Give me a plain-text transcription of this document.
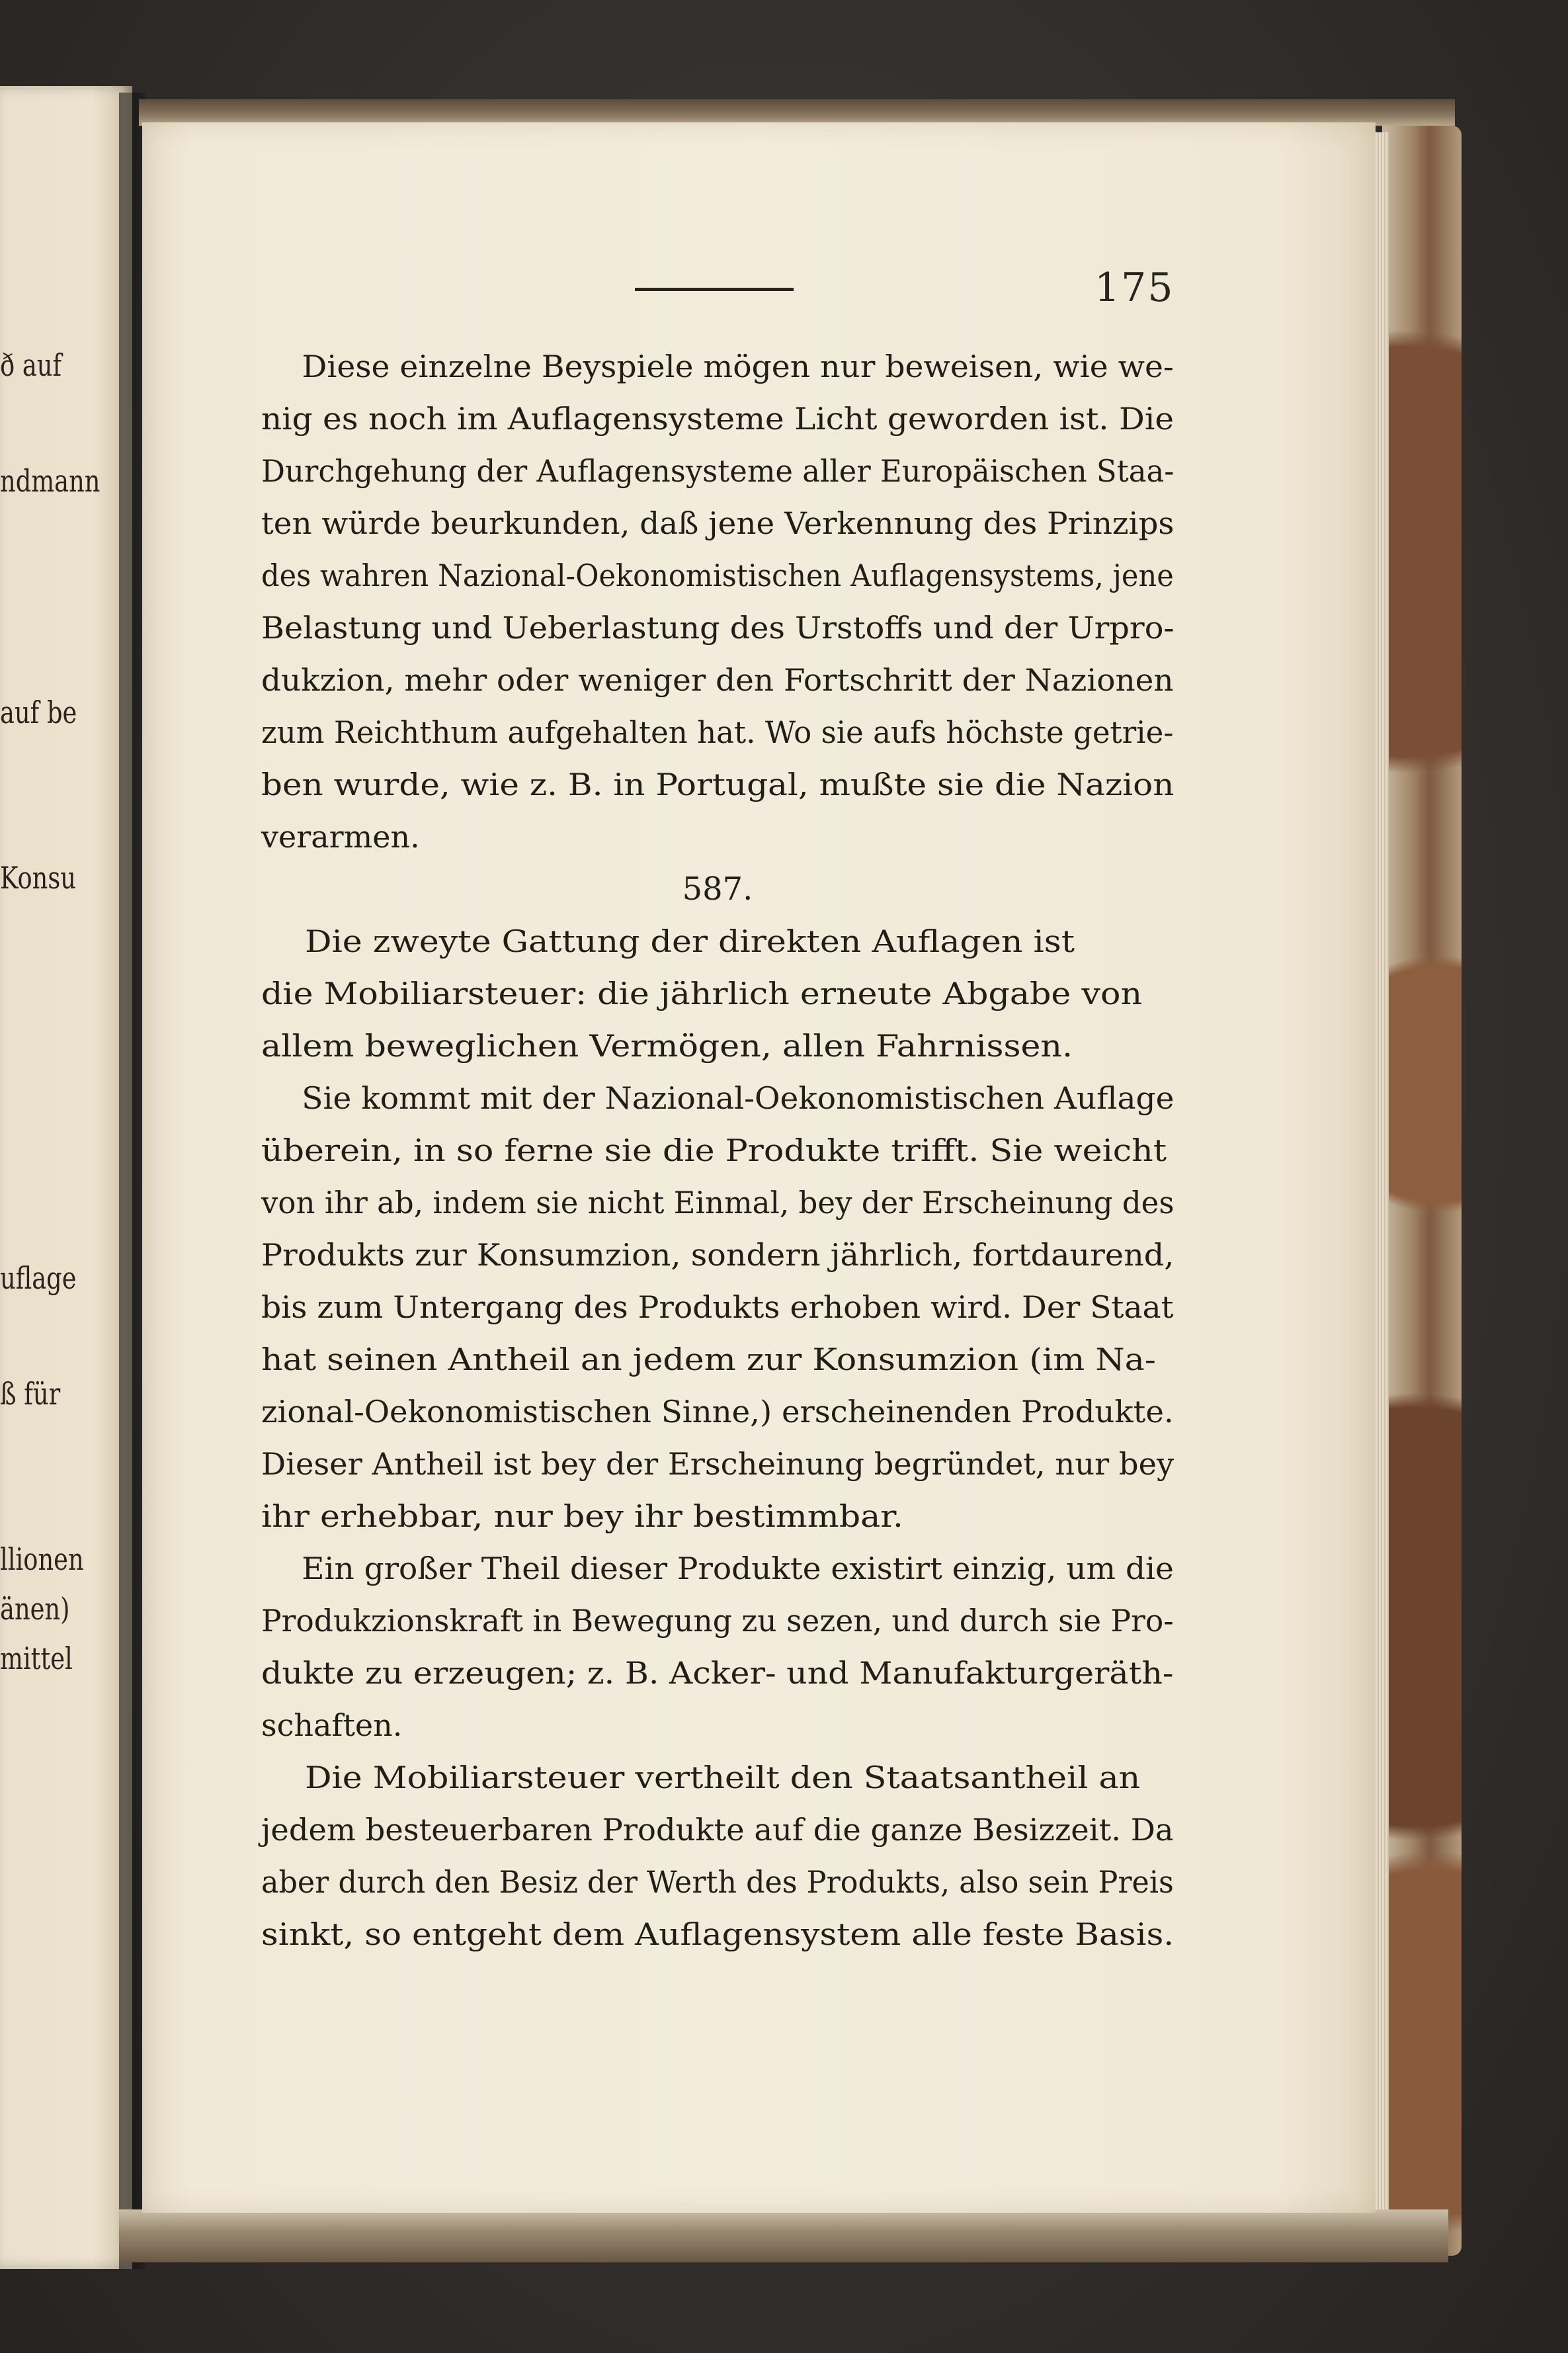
ð auf
ndmann
auf be
Konsu
uflage
ß für
llionen
änen)
mittel
175
Diese einzelne Beyspiele mögen nur beweisen, wie we-
nig es noch im Auflagensysteme Licht geworden ist. Die
Durchgehung der Auflagensysteme aller Europäischen Staa-
ten würde beurkunden, daß jene Verkennung des Prinzips
des wahren Nazional-Oekonomistischen Auflagensystems, jene
Belastung und Ueberlastung des Urstoffs und der Urpro-
dukzion, mehr oder weniger den Fortschritt der Nazionen
zum Reichthum aufgehalten hat. Wo sie aufs höchste getrie-
ben wurde, wie z. B. in Portugal, mußte sie die Nazion
verarmen.
587.
Die zweyte Gattung der direkten Auflagen ist
die Mobiliarsteuer: die jährlich erneute Abgabe von
allem beweglichen Vermögen, allen Fahrnissen.
Sie kommt mit der Nazional-Oekonomistischen Auflage
überein, in so ferne sie die Produkte trifft. Sie weicht
von ihr ab, indem sie nicht Einmal, bey der Erscheinung des
Produkts zur Konsumzion, sondern jährlich, fortdaurend,
bis zum Untergang des Produkts erhoben wird. Der Staat
hat seinen Antheil an jedem zur Konsumzion (im Na-
zional-Oekonomistischen Sinne,) erscheinenden Produkte.
Dieser Antheil ist bey der Erscheinung begründet, nur bey
ihr erhebbar, nur bey ihr bestimmbar.
Ein großer Theil dieser Produkte existirt einzig, um die
Produkzionskraft in Bewegung zu sezen, und durch sie Pro-
dukte zu erzeugen; z. B. Acker- und Manufakturgeräth-
schaften.
Die Mobiliarsteuer vertheilt den Staatsantheil an
jedem besteuerbaren Produkte auf die ganze Besizzeit. Da
aber durch den Besiz der Werth des Produkts, also sein Preis
sinkt, so entgeht dem Auflagensystem alle feste Basis.
